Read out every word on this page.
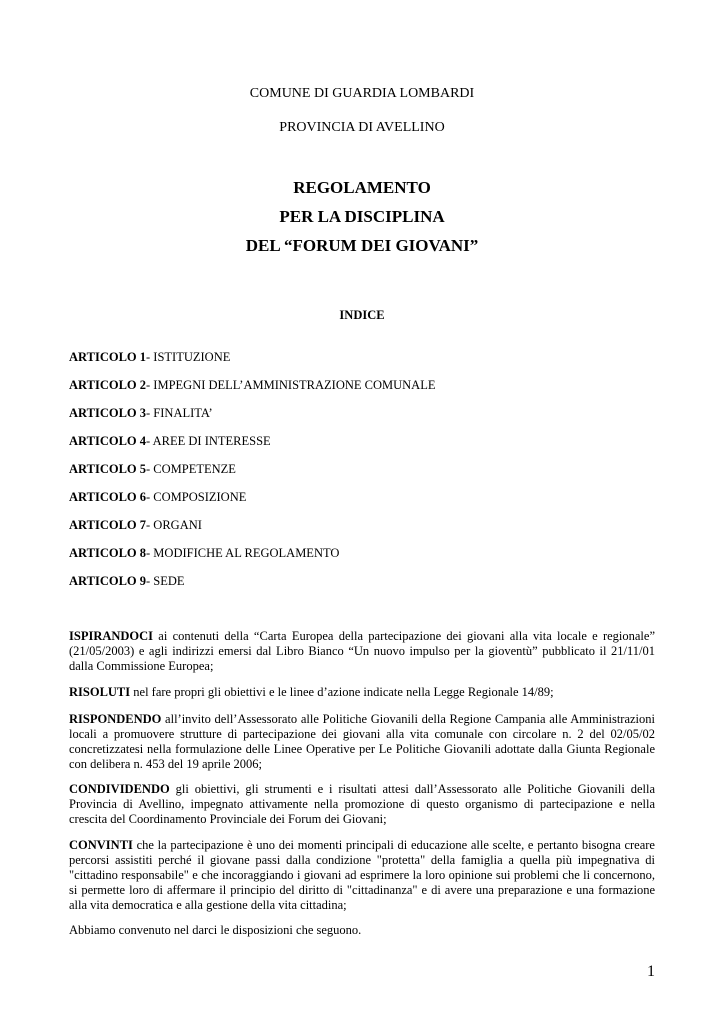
COMUNE DI GUARDIA LOMBARDI
PROVINCIA DI AVELLINO
REGOLAMENTO
PER LA DISCIPLINA
DEL “FORUM DEI GIOVANI”
INDICE
ARTICOLO 1- ISTITUZIONE
ARTICOLO 2- IMPEGNI DELL’AMMINISTRAZIONE COMUNALE
ARTICOLO 3- FINALITA’
ARTICOLO 4- AREE DI INTERESSE
ARTICOLO 5- COMPETENZE
ARTICOLO 6- COMPOSIZIONE
ARTICOLO 7- ORGANI
ARTICOLO 8- MODIFICHE AL REGOLAMENTO
ARTICOLO 9- SEDE
ISPIRANDOCI ai contenuti della “Carta Europea della partecipazione dei giovani alla vita locale e regionale” (21/05/2003) e agli indirizzi emersi dal Libro Bianco “Un nuovo impulso per la gioventù” pubblicato il 21/11/01 dalla Commissione Europea;
RISOLUTI nel fare propri gli obiettivi e le linee d’azione indicate nella Legge Regionale 14/89;
RISPONDENDO all’invito dell’Assessorato alle Politiche Giovanili della Regione Campania alle Amministrazioni locali a promuovere strutture di partecipazione dei giovani alla vita comunale con circolare n. 2 del 02/05/02 concretizzatesi nella formulazione delle Linee Operative per Le Politiche Giovanili adottate dalla Giunta Regionale con delibera n. 453 del 19 aprile 2006;
CONDIVIDENDO gli obiettivi, gli strumenti e i risultati attesi dall’Assessorato alle Politiche Giovanili della Provincia di Avellino, impegnato attivamente nella promozione di questo organismo di partecipazione e nella crescita del Coordinamento Provinciale dei Forum dei Giovani;
CONVINTI che la partecipazione è uno dei momenti principali di educazione alle scelte, e pertanto bisogna creare percorsi assistiti perché il giovane passi dalla condizione "protetta" della famiglia a quella più impegnativa di "cittadino responsabile" e che incoraggiando i giovani ad esprimere la loro opinione sui problemi che li concernono, si permette loro di affermare il principio del diritto di "cittadinanza" e di avere una preparazione e una formazione alla vita democratica e alla gestione della vita cittadina;
Abbiamo convenuto nel darci le disposizioni che seguono.
1
